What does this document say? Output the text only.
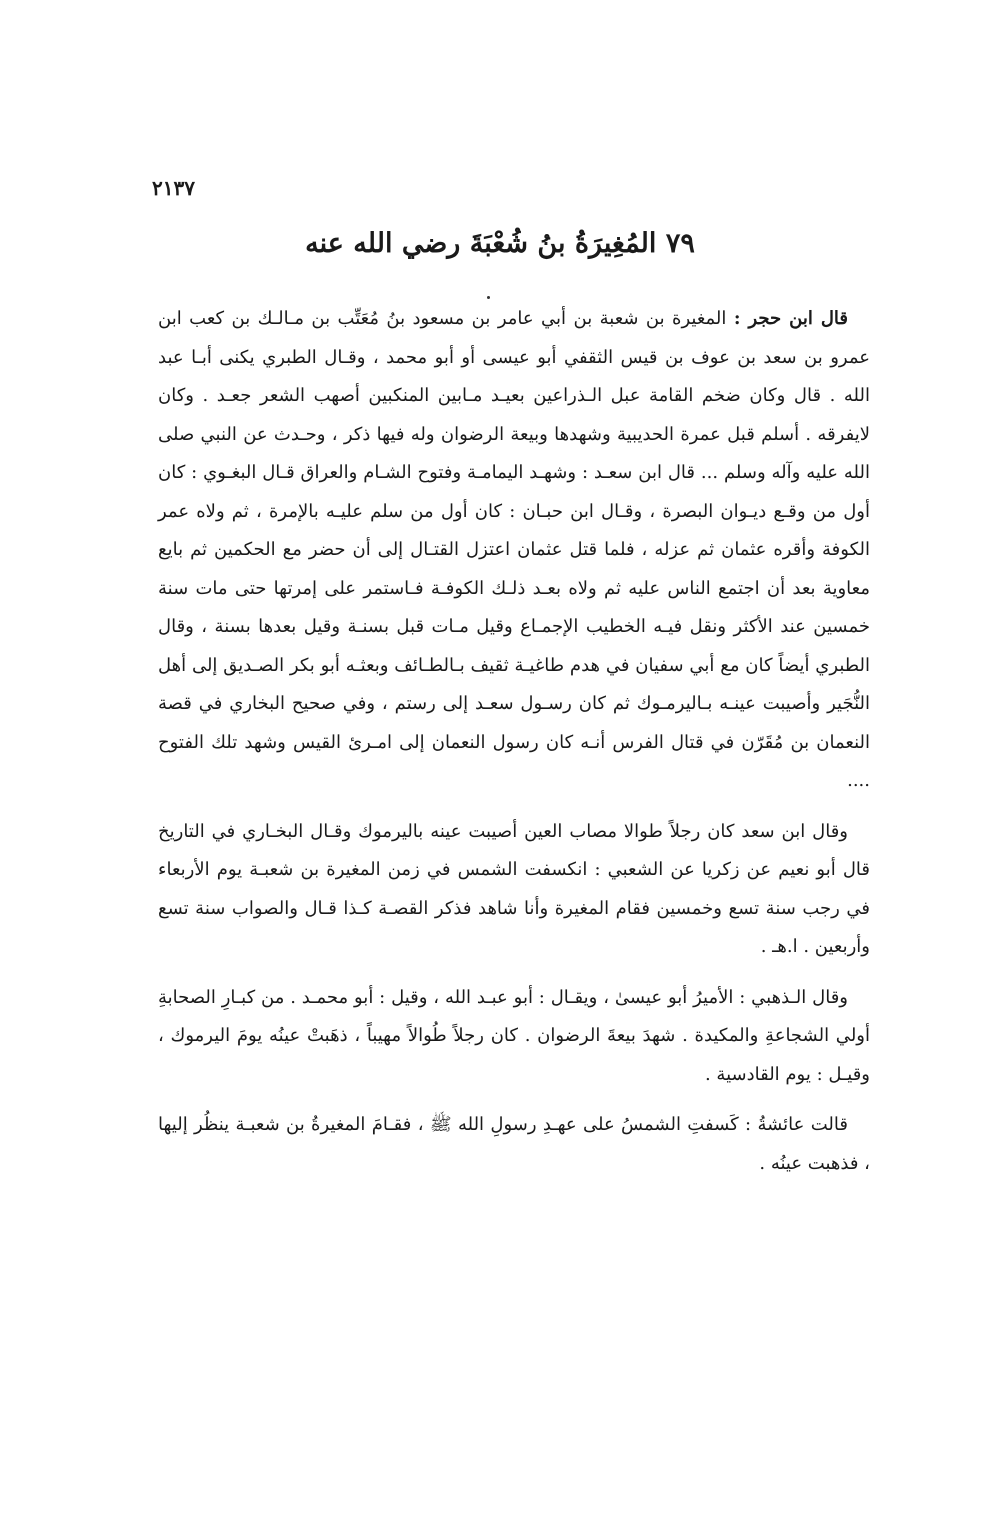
٢١٣٧
٧٩ المُغِيرَةُ بنُ شُعْبَةَ رضي الله عنه

قال ابن حجر : المغيرة بن شعبة بن أبي عامر بن مسعود بنُ مُعَتِّب بن مـالـك بن كعب ابن عمرو بن سعد بن عوف بن قيس الثقفي أبو عيسى أو أبو محمد ، وقـال الطبري يكنى أبـا عبد الله . قال وكان ضخم القامة عبل الـذراعين بعيـد مـابين المنكبين أصهب الشعر جعـد . وكان لايفرقه . أسلم قبل عمرة الحديبية وشهدها وبيعة الرضوان وله فيها ذكر ، وحـدث عن النبي صلى الله عليه وآله وسلم ... قال ابن سعـد : وشهـد اليمامـة وفتوح الشـام والعراق قـال البغـوي : كان أول من وقـع ديـوان البصرة ، وقـال ابن حبـان : كان أول من سلم عليـه بالإمرة ، ثم ولاه عمر الكوفة وأقره عثمان ثم عزله ، فلما قتل عثمان اعتزل القتـال إلى أن حضر مع الحكمين ثم بايع معاوية بعد أن اجتمع الناس عليه ثم ولاه بعـد ذلـك الكوفـة فـاستمر على إمرتها حتى مات سنة خمسين عند الأكثر ونقل فيـه الخطيب الإجمـاع وقيل مـات قبل بسنـة وقيل بعدها بسنة ، وقال الطبري أيضاً كان مع أبي سفيان في هدم طاغيـة ثقيف بـالطـائف وبعثـه أبو بكر الصـديق إلى أهل النُّجَير وأصيبت عينـه بـاليرمـوك ثم كان رسـول سعـد إلى رستم ، وفي صحيح البخاري في قصة النعمان بن مُقَرّن في قتال الفرس أنـه كان رسول النعمان إلى امـرئ القيس وشهد تلك الفتوح ....

وقال ابن سعد كان رجلاً طوالا مصاب العين أصيبت عينه باليرموك وقـال البخـاري في التاريخ قال أبو نعيم عن زكريا عن الشعبي : انكسفت الشمس في زمن المغيرة بن شعبـة يوم الأربعاء في رجب سنة تسع وخمسين فقام المغيرة وأنا شاهد فذكر القصـة كـذا قـال والصواب سنة تسع وأربعين . ا.هـ .

وقال الـذهبي : الأميرُ أبو عيسىٰ ، ويقـال : أبو عبـد الله ، وقيل : أبو محمـد . من كبـارِ الصحابةِ أولي الشجاعةِ والمكيدة . شهدَ بيعةَ الرضوان . كان رجلاً طُوالاً مهيباً ، ذهَبتْ عينُه يومَ اليرموك ، وقيـل : يوم القادسية .

قالت عائشةُ : كَسفتِ الشمسُ على عهـدِ رسولِ الله ﷺ ، فقـامَ المغيرةُ بن شعبـة ينظُر إليها ، فذهبت عينُه .
